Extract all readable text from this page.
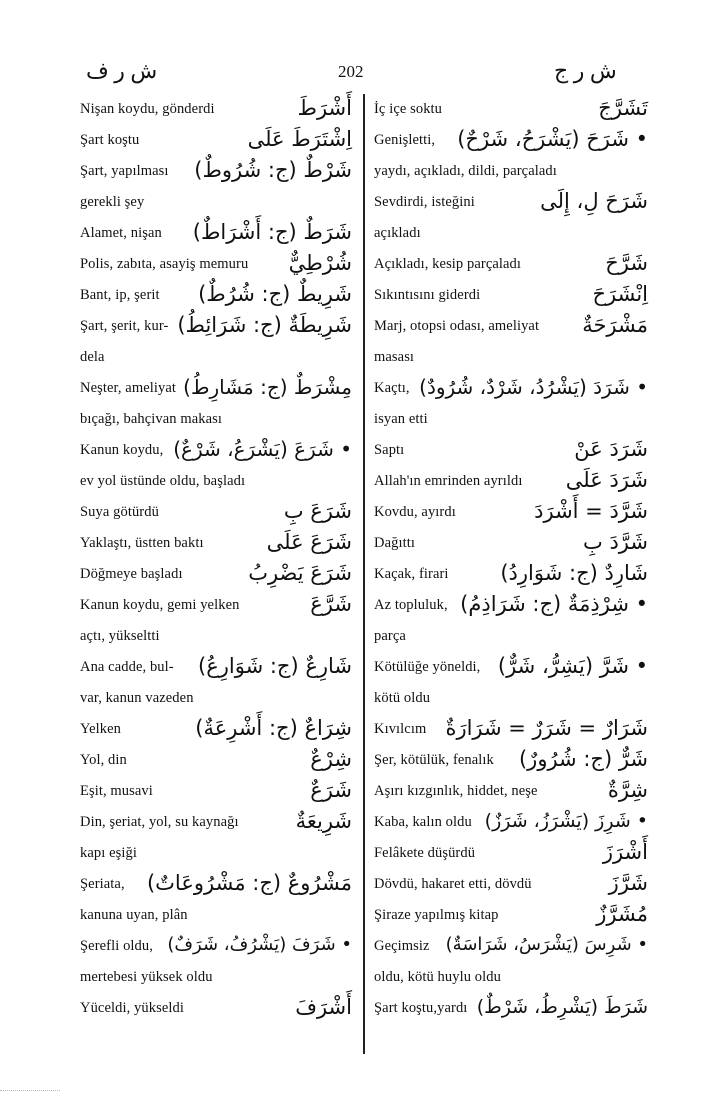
ش ر ف	202	ش ر ج
Nişan koydu, gönderdi	أَشْرَطَ
Şart koştu	اِشْتَرَطَ عَلَى
Şart, yapılması شَرْطٌ (ج: شُرُوطٌ)
gerekli şey
Alamet, nişan شَرَطٌ (ج: أَشْرَاطٌ)
Polis, zabıta, asayiş memuru شُرْطِيٌّ
Bant, ip, şerit شَرِيطٌ (ج: شُرُطٌ)
Şart, şerit, kur- شَرِيطَةٌ (ج: شَرَائِطُ)
dela
Neşter, ameliyat مِشْرَطٌ (ج: مَشَارِطُ)
bıçağı, bahçivan makası
Kanun koydu, • شَرَعَ (يَشْرَعُ، شَرْعٌ)
ev yol üstünde oldu, başladı
Suya götürdü	شَرَعَ بِ
Yaklaştı, üstten baktı	شَرَعَ عَلَى
Döğmeye başladı	شَرَعَ يَضْرِبُ
Kanun koydu, gemi yelken	شَرَّعَ
açtı, yükseltti
Ana cadde, bul- شَارِعٌ (ج: شَوَارِعُ)
var, kanun vazeden
Yelken	شِرَاعٌ (ج: أَشْرِعَةٌ)
Yol, din	شِرْعٌ
Eşit, musavi	شَرَعٌ
Din, şeriat, yol, su kaynağı	شَرِيعَةٌ
kapı eşiği
Şeriata, مَشْرُوعٌ (ج: مَشْرُوعَاتٌ)
kanuna uyan, plân
Şerefli oldu, • شَرَفَ (يَشْرُفُ، شَرَفٌ)
mertebesi yüksek oldu
Yüceldi, yükseldi	أَشْرَفَ
İç içe soktu	تَشَرَّجَ
Genişletti, • شَرَحَ (يَشْرَحُ، شَرْحٌ)
yaydı, açıkladı, dildi, parçaladı
Sevdirdi, isteğini	شَرَحَ لِ، إِلَى
açıkladı
Açıkladı, kesip parçaladı	شَرَّحَ
Sıkıntısını giderdi	اِنْشَرَحَ
Marj, otopsi odası, ameliyat مَشْرَحَةٌ
masası
Kaçtı, • شَرَدَ (يَشْرُدُ، شَرْدٌ، شُرُودٌ)
isyan etti
Saptı	شَرَدَ عَنْ
Allah'ın emrinden ayrıldı شَرَدَ عَلَى
Kovdu, ayırdı	شَرَّدَ = أَشْرَدَ
Dağıttı	شَرَّدَ بِ
Kaçak, firari شَارِدٌ (ج: شَوَارِدُ)
Az topluluk, • شِرْذِمَةٌ (ج: شَرَاذِمُ)
parça
Kötülüğe yöneldi, • شَرَّ (يَشِرُّ، شَرٌّ)
kötü oldu
Kıvılcım شَرَارٌ = شَرَرٌ = شَرَارَةٌ
Şer, kötülük, fenalık شَرٌّ (ج: شُرُورٌ)
Aşırı kızgınlık, hiddet, neşe	شِرَّةٌ
Kaba, kalın oldu • شَرِزَ (يَشْرَزُ، شَرَزٌ)
Felâkete düşürdü	أَشْرَزَ
Dövdü, hakaret etti, dövdü	شَرَّزَ
Şiraze yapılmış kitap	مُشَرَّزٌ
Geçimsiz • شَرِسَ (يَشْرَسُ، شَرَاسَةٌ)
oldu, kötü huylu oldu
Şart koştu,yardı شَرَطَ (يَشْرِطُ، شَرْطٌ)
